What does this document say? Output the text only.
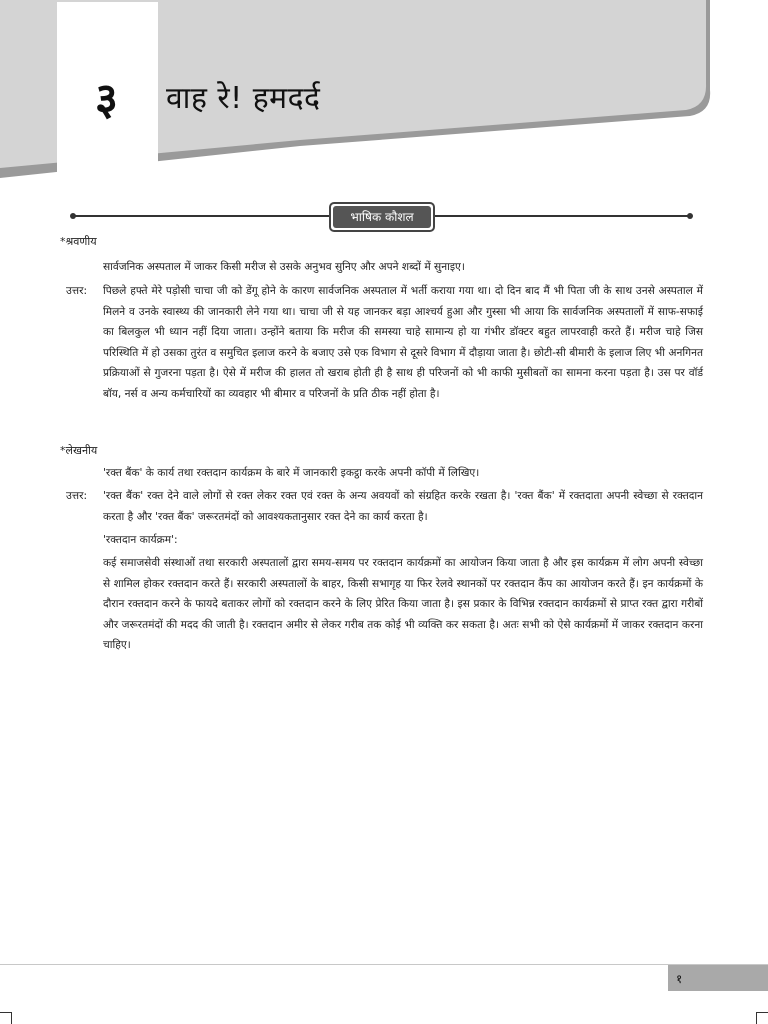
३ वाह रे! हमदर्द
भाषिक कौशल
*श्रवणीय
सार्वजनिक अस्पताल में जाकर किसी मरीज से उसके अनुभव सुनिए और अपने शब्दों में सुनाइए।
उत्तर:	पिछले हफ्ते मेरे पड़ोसी चाचा जी को डेंगू होने के कारण सार्वजनिक अस्पताल में भर्ती कराया गया था। दो दिन बाद मैं भी पिता जी के साथ उनसे अस्पताल में मिलने व उनके स्वास्थ्य की जानकारी लेने गया था। चाचा जी से यह जानकर बड़ा आश्चर्य हुआ और गुस्सा भी आया कि सार्वजनिक अस्पतालों में साफ-सफाई का बिलकुल भी ध्यान नहीं दिया जाता। उन्होंने बताया कि मरीज की समस्या चाहे सामान्य हो या गंभीर डॉक्टर बहुत लापरवाही करते हैं। मरीज चाहे जिस परिस्थिति में हो उसका तुरंत व समुचित इलाज करने के बजाए उसे एक विभाग से दूसरे विभाग में दौड़ाया जाता है। छोटी-सी बीमारी के इलाज लिए भी अनगिनत प्रक्रियाओं से गुजरना पड़ता है। ऐसे में मरीज की हालत तो खराब होती ही है साथ ही परिजनों को भी काफी मुसीबतों का सामना करना पड़ता है। उस पर वॉर्ड बॉय, नर्स व अन्य कर्मचारियों का व्यवहार भी बीमार व परिजनों के प्रति ठीक नहीं होता है।
*लेखनीय
'रक्त बैंक' के कार्य तथा रक्तदान कार्यक्रम के बारे में जानकारी इकट्ठा करके अपनी कॉपी में लिखिए।
उत्तर:	'रक्त बैंक' रक्त देने वाले लोगों से रक्त लेकर रक्त एवं रक्त के अन्य अवयवों को संग्रहित करके रखता है। 'रक्त बैंक' में रक्तदाता अपनी स्वेच्छा से रक्तदान करता है और 'रक्त बैंक' जरूरतमंदों को आवश्यकतानुसार रक्त देने का कार्य करता है।
'रक्तदान कार्यक्रम':
कई समाजसेवी संस्थाओं तथा सरकारी अस्पतालों द्वारा समय-समय पर रक्तदान कार्यक्रमों का आयोजन किया जाता है और इस कार्यक्रम में लोग अपनी स्वेच्छा से शामिल होकर रक्तदान करते हैं। सरकारी अस्पतालों के बाहर, किसी सभागृह या फिर रेलवे स्थानकों पर रक्तदान कैंप का आयोजन करते हैं। इन कार्यक्रमों के दौरान रक्तदान करने के फायदे बताकर लोगों को रक्तदान करने के लिए प्रेरित किया जाता है। इस प्रकार के विभिन्न रक्तदान कार्यक्रमों से प्राप्त रक्त द्वारा गरीबों और जरूरतमंदों की मदद की जाती है। रक्तदान अमीर से लेकर गरीब तक कोई भी व्यक्ति कर सकता है। अतः सभी को ऐसे कार्यक्रमों में जाकर रक्तदान करना चाहिए।
१
